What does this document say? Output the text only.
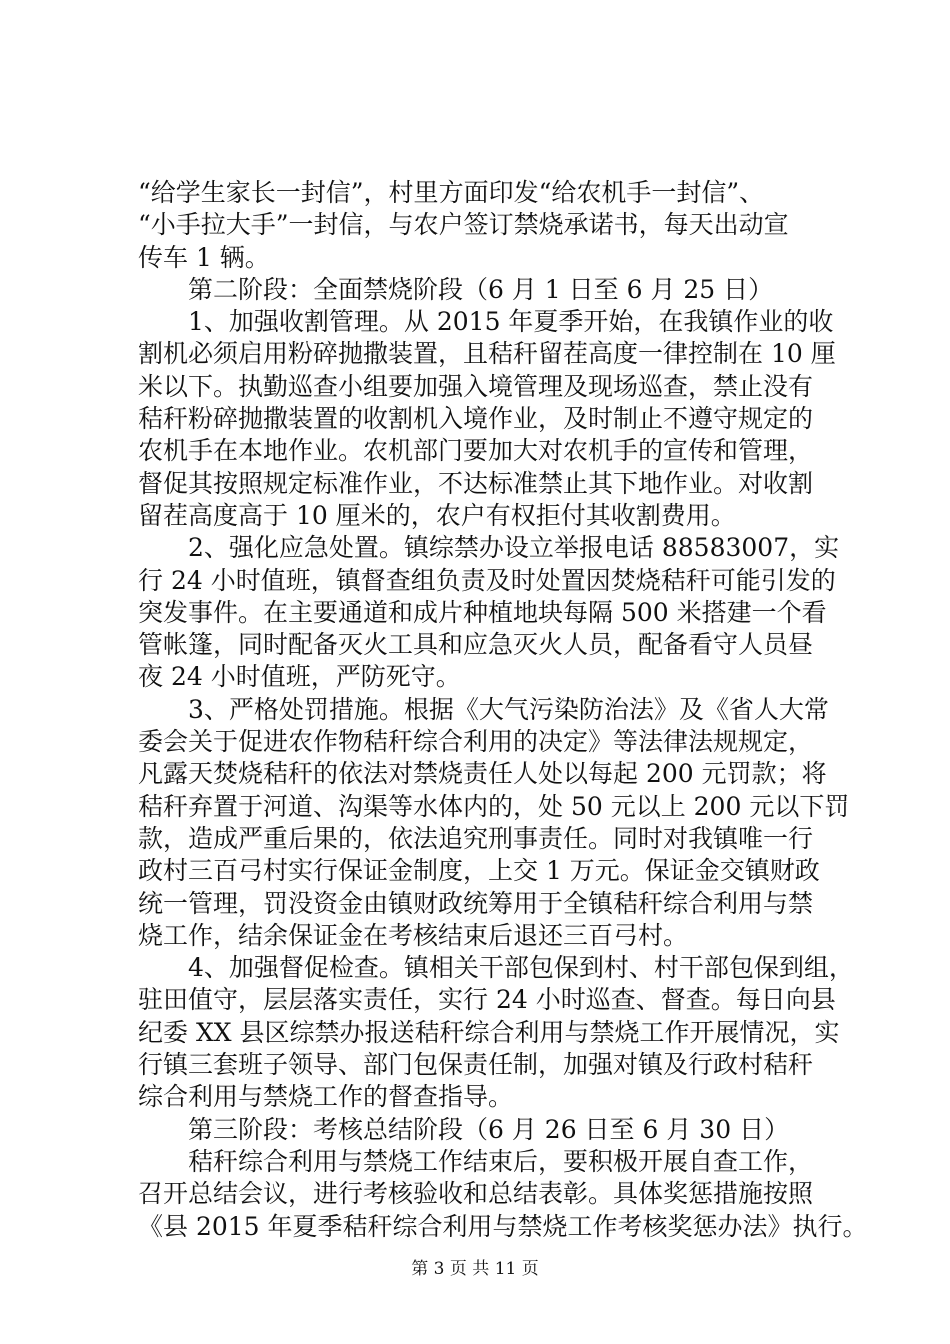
“给学生家长一封信”，村里方面印发“给农机手一封信”、
“小手拉大手”一封信，与农户签订禁烧承诺书，每天出动宣
传车 1 辆。
第二阶段：全面禁烧阶段（6 月 1 日至 6 月 25 日）
1、加强收割管理。从 2015 年夏季开始，在我镇作业的收
割机必须启用粉碎抛撒装置，且秸秆留茬高度一律控制在 10 厘
米以下。执勤巡查小组要加强入境管理及现场巡查，禁止没有
秸秆粉碎抛撒装置的收割机入境作业，及时制止不遵守规定的
农机手在本地作业。农机部门要加大对农机手的宣传和管理，
督促其按照规定标准作业，不达标准禁止其下地作业。对收割
留茬高度高于 10 厘米的，农户有权拒付其收割费用。
2、强化应急处置。镇综禁办设立举报电话 88583007，实
行 24 小时值班，镇督查组负责及时处置因焚烧秸秆可能引发的
突发事件。在主要通道和成片种植地块每隔 500 米搭建一个看
管帐篷，同时配备灭火工具和应急灭火人员，配备看守人员昼
夜 24 小时值班，严防死守。
3、严格处罚措施。根据《大气污染防治法》及《省人大常
委会关于促进农作物秸秆综合利用的决定》等法律法规规定，
凡露天焚烧秸秆的依法对禁烧责任人处以每起 200 元罚款；将
秸秆弃置于河道、沟渠等水体内的，处 50 元以上 200 元以下罚
款，造成严重后果的，依法追究刑事责任。同时对我镇唯一行
政村三百弓村实行保证金制度，上交 1 万元。保证金交镇财政
统一管理，罚没资金由镇财政统筹用于全镇秸秆综合利用与禁
烧工作，结余保证金在考核结束后退还三百弓村。
4、加强督促检查。镇相关干部包保到村、村干部包保到组，
驻田值守，层层落实责任，实行 24 小时巡查、督查。每日向县
纪委 XX 县区综禁办报送秸秆综合利用与禁烧工作开展情况，实
行镇三套班子领导、部门包保责任制，加强对镇及行政村秸秆
综合利用与禁烧工作的督查指导。
第三阶段：考核总结阶段（6 月 26 日至 6 月 30 日）
秸秆综合利用与禁烧工作结束后，要积极开展自查工作，
召开总结会议，进行考核验收和总结表彰。具体奖惩措施按照
《县 2015 年夏季秸秆综合利用与禁烧工作考核奖惩办法》执行。
第 3 页 共 11 页
